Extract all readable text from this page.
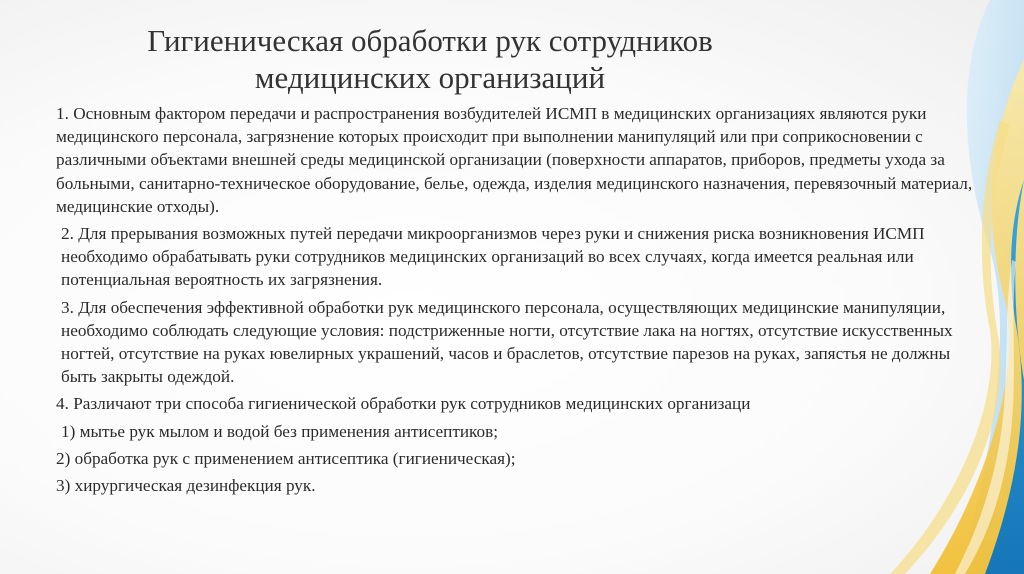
Гигиеническая обработки рук сотрудников
медицинских организаций

1. Основным фактором передачи и распространения возбудителей ИСМП в медицинских организациях являются руки медицинского персонала, загрязнение которых происходит при выполнении манипуляций или при соприкосновении с различными объектами внешней среды медицинской организации (поверхности аппаратов, приборов, предметы ухода за больными, санитарно-техническое оборудование, белье, одежда, изделия медицинского назначения, перевязочный материал, медицинские отходы).

2. Для прерывания возможных путей передачи микроорганизмов через руки и снижения риска возникновения ИСМП необходимо обрабатывать руки сотрудников медицинских организаций во всех случаях, когда имеется реальная или потенциальная вероятность их загрязнения.

3. Для обеспечения эффективной обработки рук медицинского персонала, осуществляющих медицинские манипуляции, необходимо соблюдать следующие условия: подстриженные ногти, отсутствие лака на ногтях, отсутствие искусственных ногтей, отсутствие на руках ювелирных украшений, часов и браслетов, отсутствие парезов на руках, запястья не должны быть закрыты одеждой.

4. Различают три способа гигиенической обработки рук сотрудников медицинских организаци

1) мытье рук мылом и водой без применения антисептиков;

2) обработка рук с применением антисептика (гигиеническая);

3) хирургическая дезинфекция рук.
